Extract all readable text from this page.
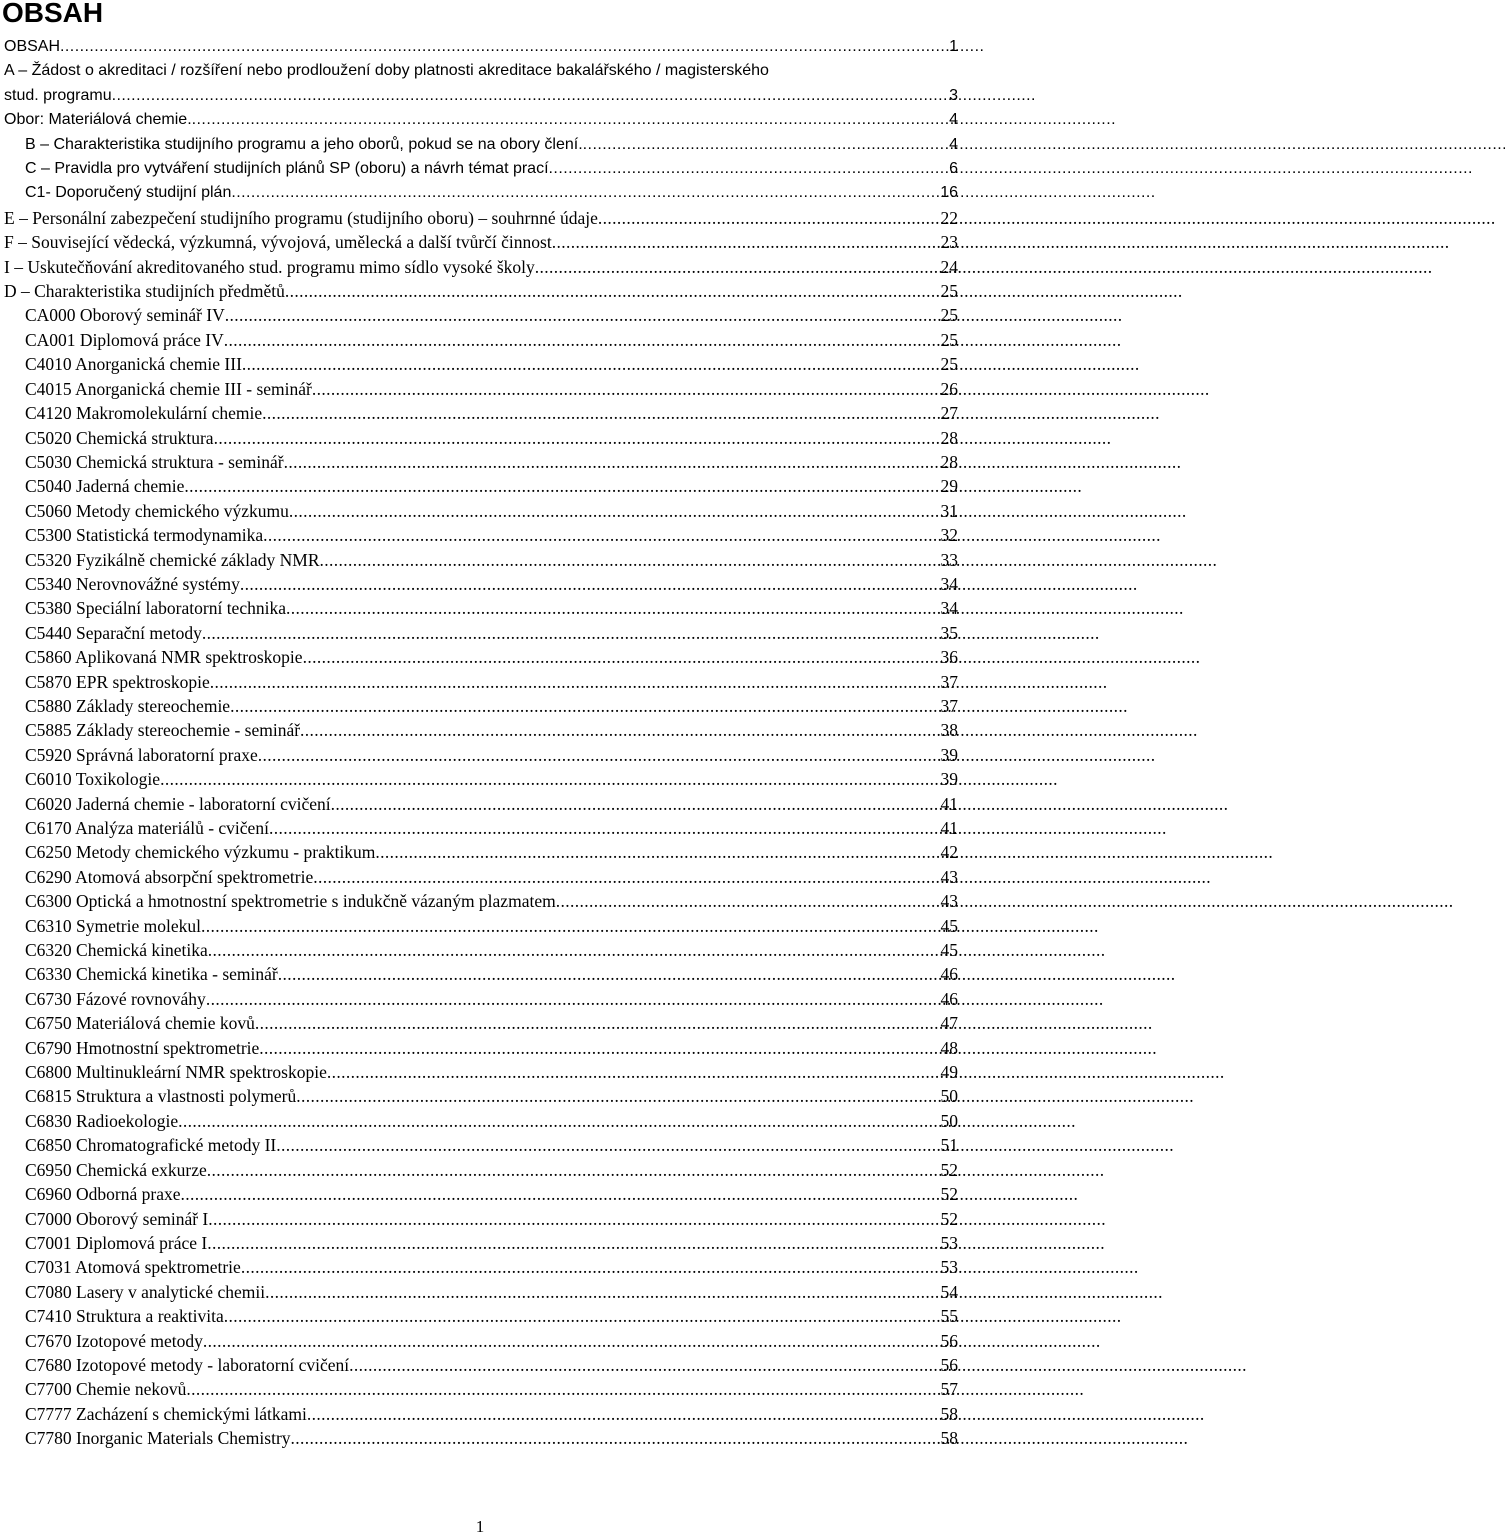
OBSAH
OBSAH . . .	1
A – Žádost o akreditaci / rozšíření nebo prodloužení doby platnosti akreditace bakalářského / magisterského
stud. programu . . .	3
Obor: Materiálová chemie. . . .	4
B – Charakteristika studijního programu a jeho oborů, pokud se na obory člení. . . .	4
C – Pravidla pro vytváření studijních plánů SP (oboru) a návrh témat prací . . .	6
C1- Doporučený studijní plán . . .	16
E – Personální zabezpečení studijního programu (studijního oboru) – souhrnné údaje . . .	22
F – Související vědecká, výzkumná, vývojová, umělecká a další tvůrčí činnost . . .	23
I – Uskutečňování akreditovaného stud. programu mimo sídlo vysoké školy . . .	24
D – Charakteristika studijních předmětů . . .	25
CA000 Oborový seminář IV . . .	25
CA001 Diplomová práce IV . . .	25
C4010 Anorganická chemie III . . .	25
C4015 Anorganická chemie III - seminář . . .	26
C4120 Makromolekulární chemie . . .	27
C5020 Chemická struktura . . .	28
C5030 Chemická struktura - seminář . . .	28
C5040 Jaderná chemie . . .	29
C5060 Metody chemického výzkumu . . .	31
C5300 Statistická termodynamika . . .	32
C5320 Fyzikálně chemické základy NMR . . .	33
C5340 Nerovnovážné systémy . . .	34
C5380 Speciální laboratorní technika . . .	34
C5440 Separační metody . . .	35
C5860 Aplikovaná NMR spektroskopie . . .	36
C5870 EPR spektroskopie . . .	37
C5880 Základy stereochemie . . .	37
C5885 Základy stereochemie - seminář . . .	38
C5920 Správná laboratorní praxe . . .	39
C6010 Toxikologie . . .	39
C6020 Jaderná chemie - laboratorní cvičení . . .	41
C6170 Analýza materiálů - cvičení . . .	41
C6250 Metody chemického výzkumu - praktikum . . .	42
C6290 Atomová absorpční spektrometrie . . .	43
C6300 Optická a hmotnostní spektrometrie s indukčně vázaným plazmatem . . .	43
C6310 Symetrie molekul . . .	45
C6320 Chemická kinetika . . .	45
C6330 Chemická kinetika - seminář . . .	46
C6730 Fázové rovnováhy . . .	46
C6750 Materiálová chemie kovů . . .	47
C6790 Hmotnostní spektrometrie . . .	48
C6800 Multinukleární NMR spektroskopie . . .	49
C6815 Struktura a vlastnosti polymerů . . .	50
C6830 Radioekologie . . .	50
C6850 Chromatografické metody II . . .	51
C6950 Chemická exkurze . . .	52
C6960 Odborná praxe . . .	52
C7000 Oborový seminář I . . .	52
C7001 Diplomová práce I . . .	53
C7031 Atomová spektrometrie . . .	53
C7080 Lasery v analytické chemii . . .	54
C7410 Struktura a reaktivita . . .	55
C7670 Izotopové metody . . .	56
C7680 Izotopové metody - laboratorní cvičení . . .	56
C7700 Chemie nekovů . . .	57
C7777 Zacházení s chemickými látkami . . .	58
C7780 Inorganic Materials Chemistry . . .	58
1
